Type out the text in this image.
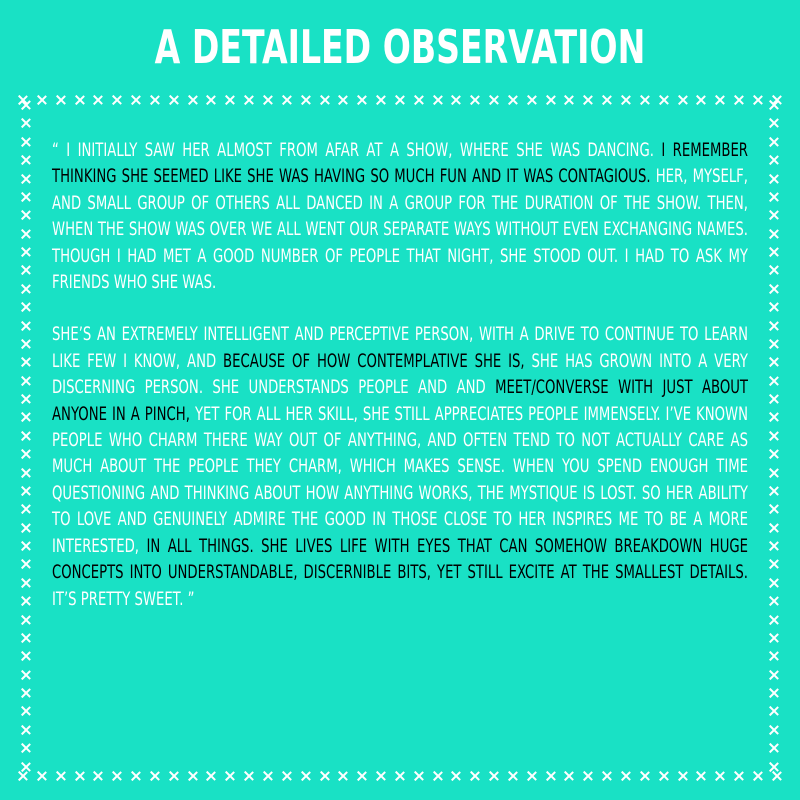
A DETAILED OBSERVATION

“ I INITIALLY SAW HER ALMOST FROM AFAR AT A SHOW, WHERE SHE WAS DANCING. I REMEMBER THINKING SHE SEEMED LIKE SHE WAS HAVING SO MUCH FUN AND IT WAS CONTAGIOUS. HER, MYSELF, AND SMALL GROUP OF OTHERS ALL DANCED IN A GROUP FOR THE DURATION OF THE SHOW. THEN, WHEN THE SHOW WAS OVER WE ALL WENT OUR SEPARATE WAYS WITHOUT EVEN EXCHANGING NAMES. THOUGH I HAD MET A GOOD NUMBER OF PEOPLE THAT NIGHT, SHE STOOD OUT. I HAD TO ASK MY FRIENDS WHO SHE WAS.

SHE’S AN EXTREMELY INTELLIGENT AND PERCEPTIVE PERSON, WITH A DRIVE TO CONTINUE TO LEARN LIKE FEW I KNOW, AND BECAUSE OF HOW CONTEMPLATIVE SHE IS, SHE HAS GROWN INTO A VERY DISCERNING PERSON. SHE UNDERSTANDS PEOPLE AND AND MEET/CONVERSE WITH JUST ABOUT ANYONE IN A PINCH, YET FOR ALL HER SKILL, SHE STILL APPRECIATES PEOPLE IMMENSELY. I’VE KNOWN PEOPLE WHO CHARM THERE WAY OUT OF ANYTHING, AND OFTEN TEND TO NOT ACTUALLY CARE AS MUCH ABOUT THE PEOPLE THEY CHARM, WHICH MAKES SENSE. WHEN YOU SPEND ENOUGH TIME QUESTIONING AND THINKING ABOUT HOW ANYTHING WORKS, THE MYSTIQUE IS LOST. SO HER ABILITY TO LOVE AND GENUINELY ADMIRE THE GOOD IN THOSE CLOSE TO HER INSPIRES ME TO BE A MORE INTERESTED, IN ALL THINGS. SHE LIVES LIFE WITH EYES THAT CAN SOMEHOW BREAKDOWN HUGE CONCEPTS INTO UNDERSTANDABLE, DISCERNIBLE BITS, YET STILL EXCITE AT THE SMALLEST DETAILS. IT’S PRETTY SWEET. ”
